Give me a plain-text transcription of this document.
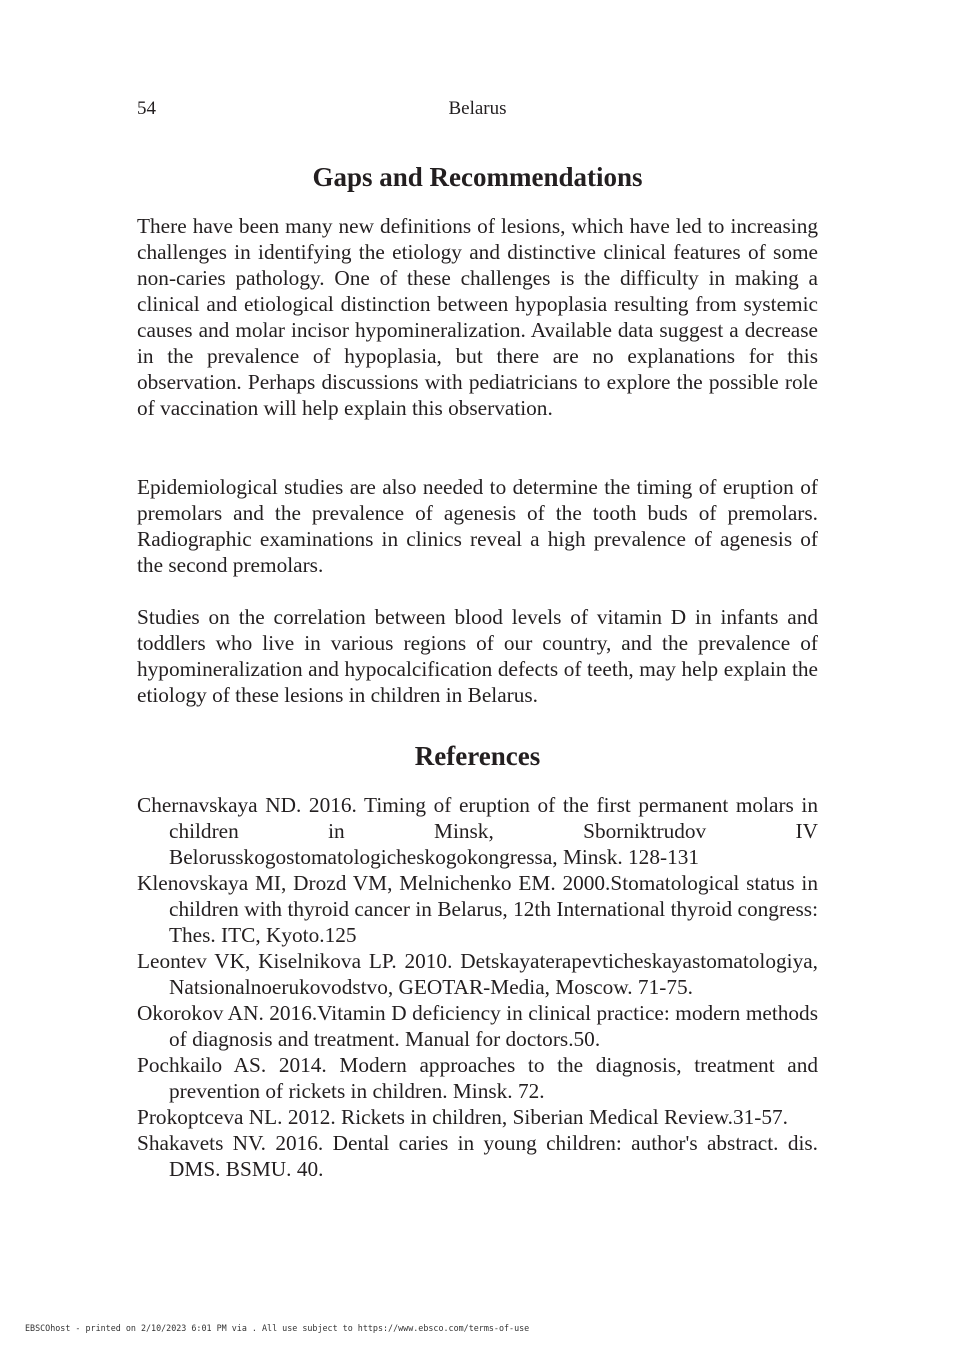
54	Belarus
Gaps and Recommendations

There have been many new definitions of lesions, which have led to increasing challenges in identifying the etiology and distinctive clinical features of some non-caries pathology. One of these challenges is the difficulty in making a clinical and etiological distinction between hypoplasia resulting from systemic causes and molar incisor hypomineralization. Available data suggest a decrease in the prevalence of hypoplasia, but there are no explanations for this observation. Perhaps discussions with pediatricians to explore the possible role of vaccination will help explain this observation.

Epidemiological studies are also needed to determine the timing of eruption of premolars and the prevalence of agenesis of the tooth buds of premolars. Radiographic examinations in clinics reveal a high prevalence of agenesis of the second premolars.

Studies on the correlation between blood levels of vitamin D in infants and toddlers who live in various regions of our country, and the prevalence of hypomineralization and hypocalcification defects of teeth, may help explain the etiology of these lesions in children in Belarus.

References
Chernavskaya ND. 2016. Timing of eruption of the first permanent molars in children in Minsk, Sborniktrudov IV Belorusskogostomatologicheskogokongressa, Minsk. 128-131
Klenovskaya MI, Drozd VM, Melnichenko EM. 2000.Stomatological status in children with thyroid cancer in Belarus, 12th International thyroid congress: Thes. ITC, Kyoto.125
Leontev VK, Kiselnikova LP. 2010. Detskayaterapevticheskayastomatologiya, Natsionalnoerukovodstvo, GEOTAR-Media, Moscow. 71-75.
Okorokov AN. 2016.Vitamin D deficiency in clinical practice: modern methods of diagnosis and treatment. Manual for doctors.50.
Pochkailo AS. 2014. Modern approaches to the diagnosis, treatment and prevention of rickets in children. Minsk. 72.
Prokoptceva NL. 2012. Rickets in children, Siberian Medical Review.31-57.
Shakavets NV. 2016. Dental caries in young children: author's abstract. dis. DMS. BSMU. 40.
EBSCOhost - printed on 2/10/2023 6:01 PM via . All use subject to https://www.ebsco.com/terms-of-use
